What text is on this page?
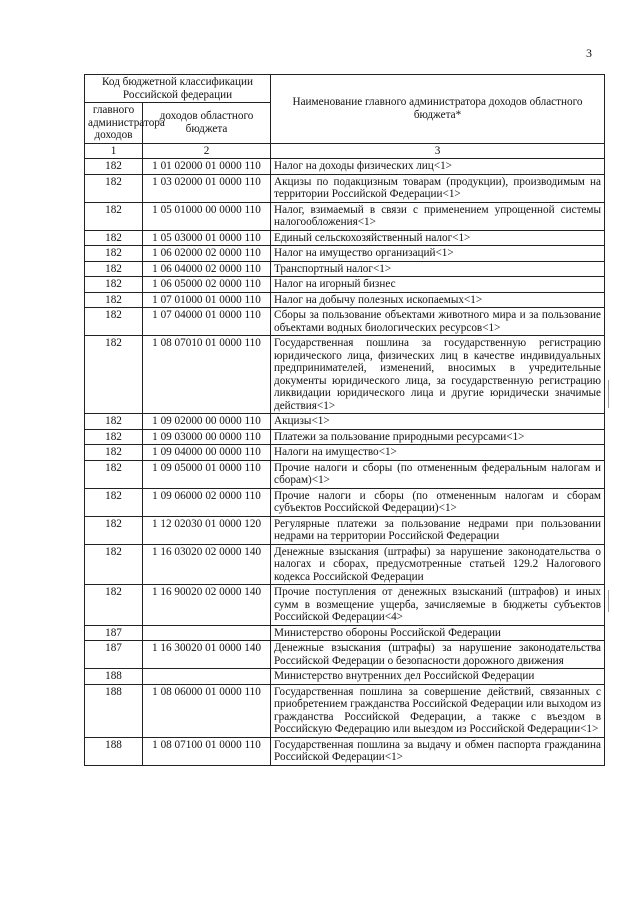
3
Код бюджетной классификации Российской федерации		Наименование главного администратора доходов областного бюджета*
главного администратора доходов	доходов областного бюджета	
1	2	3
182	1 01 02000 01 0000 110	Налог на доходы физических лиц<1>
182	1 03 02000 01 0000 110	Акцизы по подакцизным товарам (продукции), производимым на территории Российской Федерации<1>
182	1 05 01000 00 0000 110	Налог, взимаемый в связи с применением упрощенной системы налогообложения<1>
182	1 05 03000 01 0000 110	Единый сельскохозяйственный налог<1>
182	1 06 02000 02 0000 110	Налог на имущество организаций<1>
182	1 06 04000 02 0000 110	Транспортный налог<1>
182	1 06 05000 02 0000 110	Налог на игорный бизнес
182	1 07 01000 01 0000 110	Налог на добычу полезных ископаемых<1>
182	1 07 04000 01 0000 110	Сборы за пользование объектами животного мира и за пользование объектами водных биологических ресурсов<1>
182	1 08 07010 01 0000 110	Государственная пошлина за государственную регистрацию юридического лица, физических лиц в качестве индивидуальных предпринимателей, изменений, вносимых в учредительные документы юридического лица, за государственную регистрацию ликвидации юридического лица и другие юридически значимые действия<1>
182	1 09 02000 00 0000 110	Акцизы<1>
182	1 09 03000 00 0000 110	Платежи за пользование природными ресурсами<1>
182	1 09 04000 00 0000 110	Налоги на имущество<1>
182	1 09 05000 01 0000 110	Прочие налоги и сборы (по отмененным федеральным налогам и сборам)<1>
182	1 09 06000 02 0000 110	Прочие налоги и сборы (по отмененным налогам и сборам субъектов Российской Федерации)<1>
182	1 12 02030 01 0000 120	Регулярные платежи за пользование недрами при пользовании недрами на территории Российской Федерации
182	1 16 03020 02 0000 140	Денежные взыскания (штрафы) за нарушение законодательства о налогах и сборах, предусмотренные статьей 129.2 Налогового кодекса Российской Федерации
182	1 16 90020 02 0000 140	Прочие поступления от денежных взысканий (штрафов) и иных сумм в возмещение ущерба, зачисляемые в бюджеты субъектов Российской Федерации<4>
187		Министерство обороны Российской Федерации
187	1 16 30020 01 0000 140	Денежные взыскания (штрафы) за нарушение законодательства Российской Федерации о безопасности дорожного движения
188		Министерство внутренних дел Российской Федерации
188	1 08 06000 01 0000 110	Государственная пошлина за совершение действий, связанных с приобретением гражданства Российской Федерации или выходом из гражданства Российской Федерации, а также с въездом в Российскую Федерацию или выездом из Российской Федерации<1>
188	1 08 07100 01 0000 110	Государственная пошлина за выдачу и обмен паспорта гражданина Российской Федерации<1>
